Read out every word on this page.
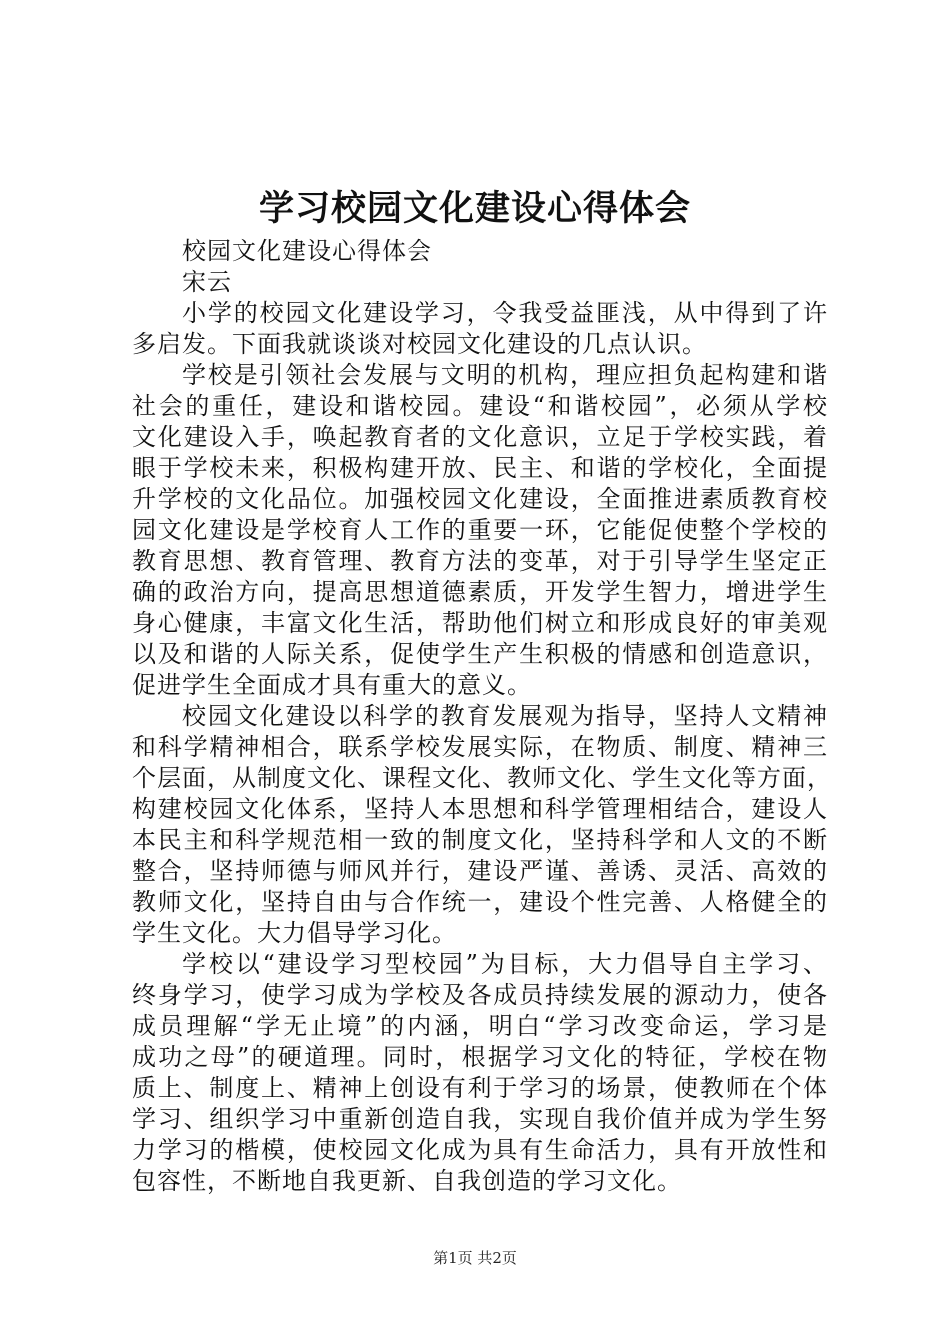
学习校园文化建设心得体会
校园文化建设心得体会
宋云
小学的校园文化建设学习，令我受益匪浅，从中得到了许
多启发。下面我就谈谈对校园文化建设的几点认识。
学校是引领社会发展与文明的机构，理应担负起构建和谐
社会的重任，建设和谐校园。建设“和谐校园”，必须从学校
文化建设入手，唤起教育者的文化意识，立足于学校实践，着
眼于学校未来，积极构建开放、民主、和谐的学校化，全面提
升学校的文化品位。加强校园文化建设，全面推进素质教育校
园文化建设是学校育人工作的重要一环，它能促使整个学校的
教育思想、教育管理、教育方法的变革，对于引导学生坚定正
确的政治方向，提高思想道德素质，开发学生智力，增进学生
身心健康，丰富文化生活，帮助他们树立和形成良好的审美观
以及和谐的人际关系，促使学生产生积极的情感和创造意识，
促进学生全面成才具有重大的意义。
校园文化建设以科学的教育发展观为指导，坚持人文精神
和科学精神相合，联系学校发展实际，在物质、制度、精神三
个层面，从制度文化、课程文化、教师文化、学生文化等方面，
构建校园文化体系，坚持人本思想和科学管理相结合，建设人
本民主和科学规范相一致的制度文化，坚持科学和人文的不断
整合，坚持师德与师风并行，建设严谨、善诱、灵活、高效的
教师文化，坚持自由与合作统一，建设个性完善、人格健全的
学生文化。大力倡导学习化。
学校以“建设学习型校园”为目标，大力倡导自主学习、
终身学习，使学习成为学校及各成员持续发展的源动力，使各
成员理解“学无止境”的内涵，明白“学习改变命运，学习是
成功之母”的硬道理。同时，根据学习文化的特征，学校在物
质上、制度上、精神上创设有利于学习的场景，使教师在个体
学习、组织学习中重新创造自我，实现自我价值并成为学生努
力学习的楷模，使校园文化成为具有生命活力，具有开放性和
包容性，不断地自我更新、自我创造的学习文化。
第1页 共2页
